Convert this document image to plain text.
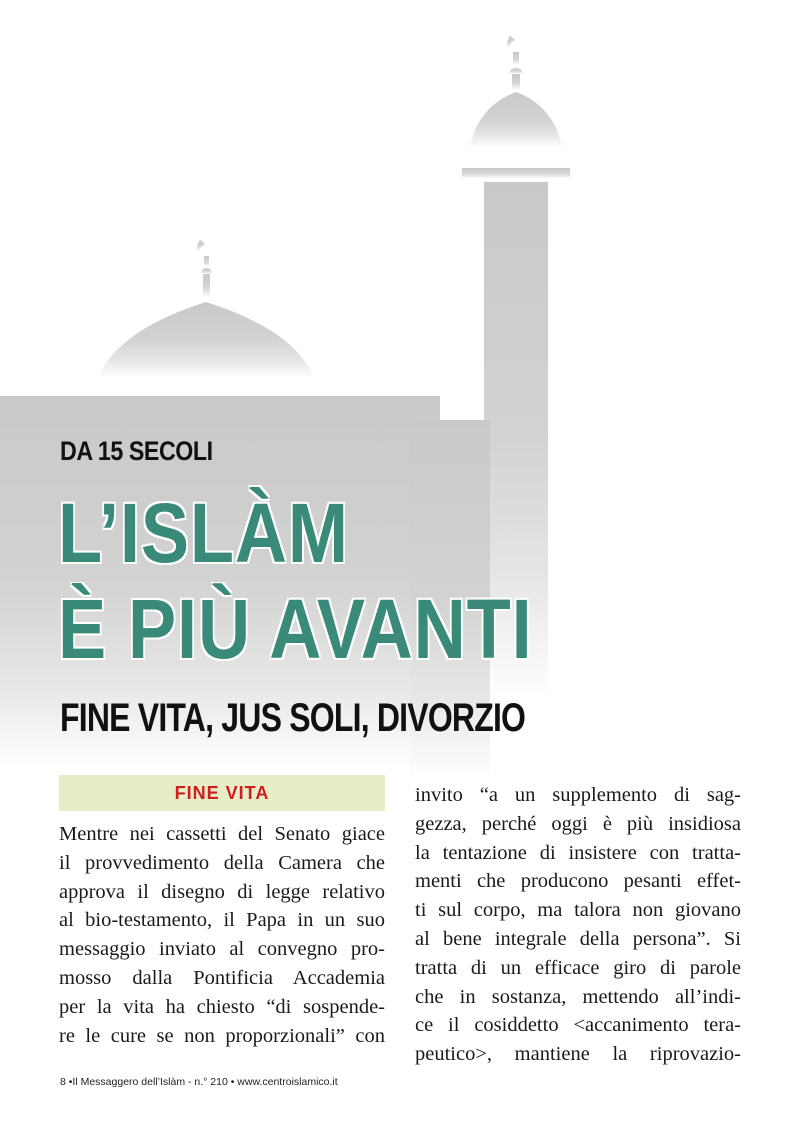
DA 15 SECOLI
L’ISLÀM
È PIÙ AVANTI
FINE VITA, JUS SOLI, DIVORZIO
FINE VITA
Mentre nei cassetti del Senato giace
il provvedimento della Camera che
approva il disegno di legge relativo
al bio-testamento, il Papa in un suo
messaggio inviato al convegno pro-
mosso dalla Pontificia Accademia
per la vita ha chiesto “di sospende-
re le cure se non proporzionali” con
invito “a un supplemento di sag-
gezza, perché oggi è più insidiosa
la tentazione di insistere con tratta-
menti che producono pesanti effet-
ti sul corpo, ma talora non giovano
al bene integrale della persona”. Si
tratta di un efficace giro di parole
che in sostanza, mettendo all’indi-
ce il cosiddetto <accanimento tera-
peutico>, mantiene la riprovazio-
8 •Il Messaggero dell’Islàm - n.° 210 • www.centroislamico.it
